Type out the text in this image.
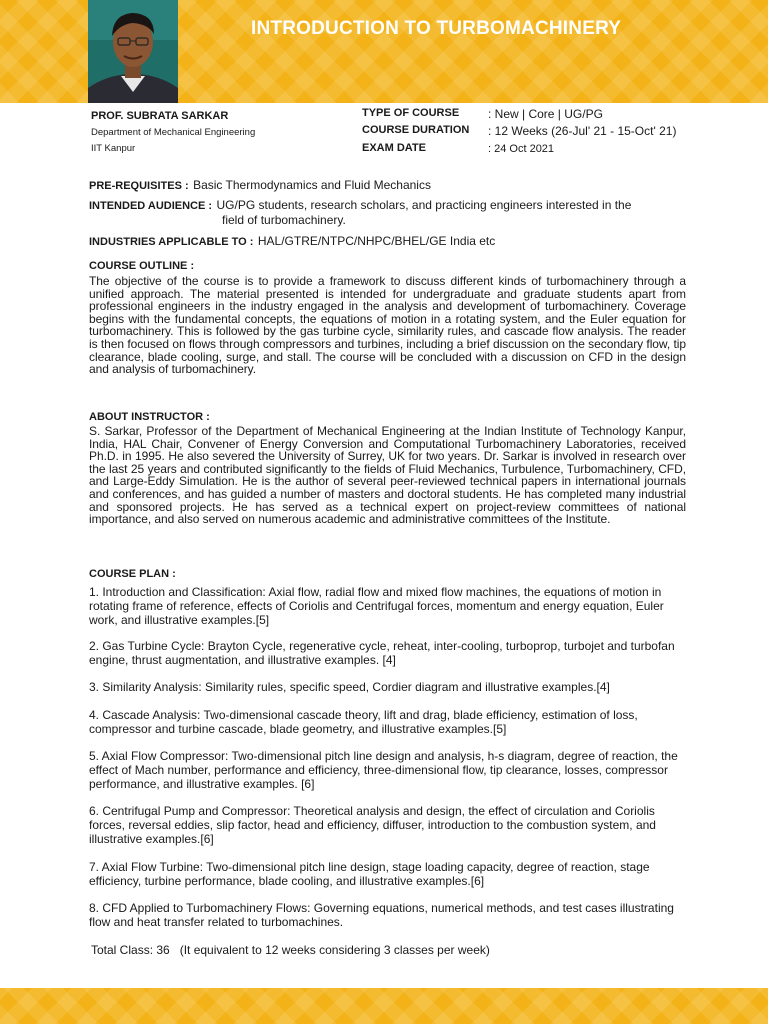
INTRODUCTION TO TURBOMACHINERY
PROF. SUBRATA SARKAR
Department of Mechanical Engineering
IIT Kanpur
TYPE OF COURSE : New | Core | UG/PG
COURSE DURATION : 12 Weeks (26-Jul' 21 - 15-Oct' 21)
EXAM DATE	: 24 Oct 2021
PRE-REQUISITES : Basic Thermodynamics and Fluid Mechanics
INTENDED AUDIENCE : UG/PG students, research scholars, and practicing engineers interested in the
field of turbomachinery.
INDUSTRIES APPLICABLE TO : HAL/GTRE/NTPC/NHPC/BHEL/GE India etc
COURSE OUTLINE :
The objective of the course is to provide a framework to discuss different kinds of turbomachinery through a unified approach. The material presented is intended for undergraduate and graduate students apart from professional engineers in the industry engaged in the analysis and development of turbomachinery. Coverage begins with the fundamental concepts, the equations of motion in a rotating system, and the Euler equation for turbomachinery. This is followed by the gas turbine cycle, similarity rules, and cascade flow analysis. The reader is then focused on flows through compressors and turbines, including a brief discussion on the secondary flow, tip clearance, blade cooling, surge, and stall. The course will be concluded with a discussion on CFD in the design and analysis of turbomachinery.
ABOUT INSTRUCTOR :
S. Sarkar, Professor of the Department of Mechanical Engineering at the Indian Institute of Technology Kanpur, India, HAL Chair, Convener of Energy Conversion and Computational Turbomachinery Laboratories, received Ph.D. in 1995. He also severed the University of Surrey, UK for two years. Dr. Sarkar is involved in research over the last 25 years and contributed significantly to the fields of Fluid Mechanics, Turbulence, Turbomachinery, CFD, and Large-Eddy Simulation. He is the author of several peer-reviewed technical papers in international journals and conferences, and has guided a number of masters and doctoral students. He has completed many industrial and sponsored projects. He has served as a technical expert on project-review committees of national importance, and also served on numerous academic and administrative committees of the Institute.
COURSE PLAN :
1. Introduction and Classification: Axial flow, radial flow and mixed flow machines, the equations of motion in rotating frame of reference, effects of Coriolis and Centrifugal forces, momentum and energy equation, Euler work, and illustrative examples.[5]
2. Gas Turbine Cycle: Brayton Cycle, regenerative cycle, reheat, inter-cooling, turboprop, turbojet and turbofan engine, thrust augmentation, and illustrative examples. [4]
3. Similarity Analysis: Similarity rules, specific speed, Cordier diagram and illustrative examples.[4]
4. Cascade Analysis: Two-dimensional cascade theory, lift and drag, blade efficiency, estimation of loss, compressor and turbine cascade, blade geometry, and illustrative examples.[5]
5. Axial Flow Compressor: Two-dimensional pitch line design and analysis, h-s diagram, degree of reaction, the effect of Mach number, performance and efficiency, three-dimensional flow, tip clearance, losses, compressor performance, and illustrative examples. [6]
6. Centrifugal Pump and Compressor: Theoretical analysis and design, the effect of circulation and Coriolis forces, reversal eddies, slip factor, head and efficiency, diffuser, introduction to the combustion system, and illustrative examples.[6]
7. Axial Flow Turbine: Two-dimensional pitch line design, stage loading capacity, degree of reaction, stage efficiency, turbine performance, blade cooling, and illustrative examples.[6]
8. CFD Applied to Turbomachinery Flows: Governing equations, numerical methods, and test cases illustrating flow and heat transfer related to turbomachines.
Total Class: 36   (It equivalent to 12 weeks considering 3 classes per week)
